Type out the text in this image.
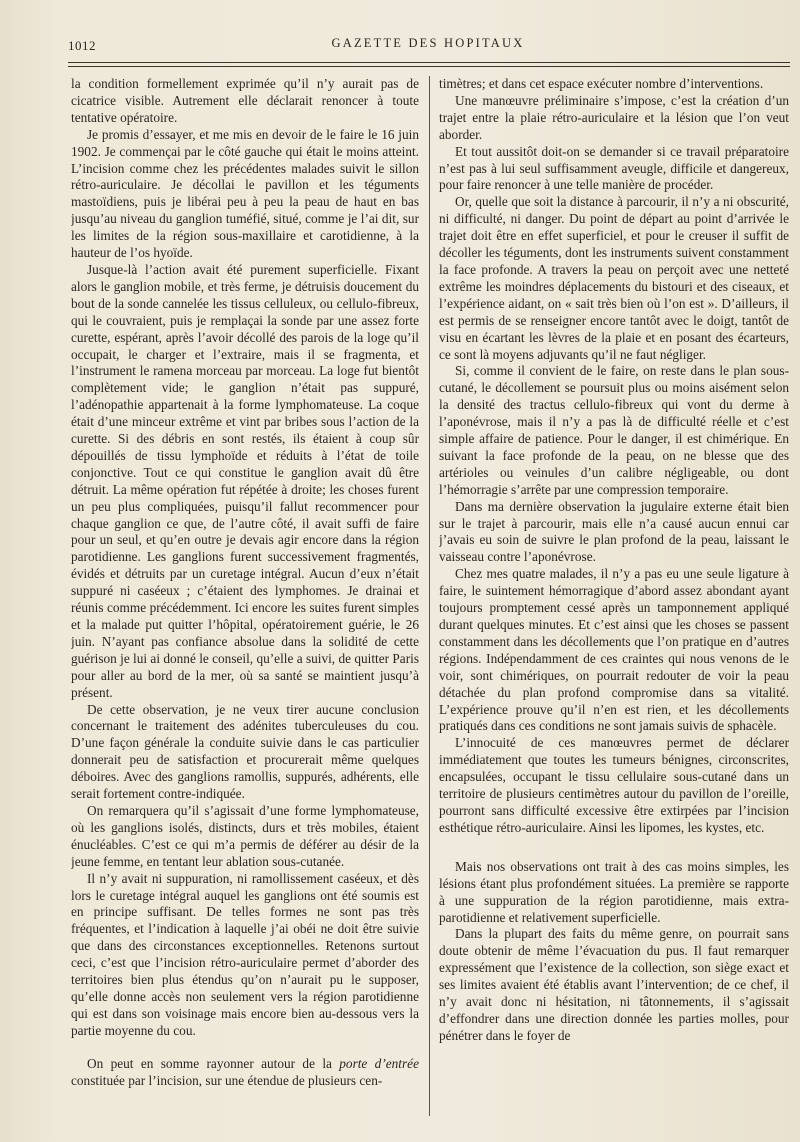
1012	GAZETTE DES HOPITAUX

la condition formellement exprimée qu’il n’y aurait pas de cicatrice visible. Autrement elle déclarait renoncer à toute tentative opératoire.

Je promis d’essayer, et me mis en devoir de le faire le 16 juin 1902. Je commençai par le côté gauche qui était le moins atteint. L’incision comme chez les précédentes malades suivit le sillon rétro-auriculaire. Je décollai le pavillon et les téguments mastoïdiens, puis je libérai peu à peu la peau de haut en bas jusqu’au niveau du ganglion tuméfié, situé, comme je l’ai dit, sur les limites de la région sous-maxillaire et carotidienne, à la hauteur de l’os hyoïde.

Jusque-là l’action avait été purement superficielle. Fixant alors le ganglion mobile, et très ferme, je détruisis doucement du bout de la sonde cannelée les tissus celluleux, ou cellulo-fibreux, qui le couvraient, puis je remplaçai la sonde par une assez forte curette, espérant, après l’avoir décollé des parois de la loge qu’il occupait, le charger et l’extraire, mais il se fragmenta, et l’instrument le ramena morceau par morceau. La loge fut bientôt complètement vide; le ganglion n’était pas suppuré, l’adénopathie appartenait à la forme lymphomateuse. La coque était d’une minceur extrême et vint par bribes sous l’action de la curette. Si des débris en sont restés, ils étaient à coup sûr dépouillés de tissu lymphoïde et réduits à l’état de toile conjonctive. Tout ce qui constitue le ganglion avait dû être détruit. La même opération fut répétée à droite; les choses furent un peu plus compliquées, puisqu’il fallut recommencer pour chaque ganglion ce que, de l’autre côté, il avait suffi de faire pour un seul, et qu’en outre je devais agir encore dans la région parotidienne. Les ganglions furent successivement fragmentés, évidés et détruits par un curetage intégral. Aucun d’eux n’était suppuré ni caséeux ; c’étaient des lymphomes. Je drainai et réunis comme précédemment. Ici encore les suites furent simples et la malade put quitter l’hôpital, opératoirement guérie, le 26 juin. N’ayant pas confiance absolue dans la solidité de cette guérison je lui ai donné le conseil, qu’elle a suivi, de quitter Paris pour aller au bord de la mer, où sa santé se maintient jusqu’à présent.

De cette observation, je ne veux tirer aucune conclusion concernant le traitement des adénites tuberculeuses du cou. D’une façon générale la conduite suivie dans le cas particulier donnerait peu de satisfaction et procurerait même quelques déboires. Avec des ganglions ramollis, suppurés, adhérents, elle serait fortement contre-indiquée.

On remarquera qu’il s’agissait d’une forme lymphomateuse, où les ganglions isolés, distincts, durs et très mobiles, étaient énucléables. C’est ce qui m’a permis de déférer au désir de la jeune femme, en tentant leur ablation sous-cutanée.

Il n’y avait ni suppuration, ni ramollissement caséeux, et dès lors le curetage intégral auquel les ganglions ont été soumis est en principe suffisant. De telles formes ne sont pas très fréquentes, et l’indication à laquelle j’ai obéi ne doit être suivie que dans des circonstances exceptionnelles. Retenons surtout ceci, c’est que l’incision rétro-auriculaire permet d’aborder des territoires bien plus étendus qu’on n’aurait pu le supposer, qu’elle donne accès non seulement vers la région parotidienne qui est dans son voisinage mais encore bien au-dessous vers la partie moyenne du cou.

On peut en somme rayonner autour de la porte d’entrée constituée par l’incision, sur une étendue de plusieurs cen-

timètres; et dans cet espace exécuter nombre d’interventions.

Une manœuvre préliminaire s’impose, c’est la création d’un trajet entre la plaie rétro-auriculaire et la lésion que l’on veut aborder.

Et tout aussitôt doit-on se demander si ce travail préparatoire n’est pas à lui seul suffisamment aveugle, difficile et dangereux, pour faire renoncer à une telle manière de procéder.

Or, quelle que soit la distance à parcourir, il n’y a ni obscurité, ni difficulté, ni danger. Du point de départ au point d’arrivée le trajet doit être en effet superficiel, et pour le creuser il suffit de décoller les téguments, dont les instruments suivent constamment la face profonde. A travers la peau on perçoit avec une netteté extrême les moindres déplacements du bistouri et des ciseaux, et l’expérience aidant, on « sait très bien où l’on est ». D’ailleurs, il est permis de se renseigner encore tantôt avec le doigt, tantôt de visu en écartant les lèvres de la plaie et en posant des écarteurs, ce sont là moyens adjuvants qu’il ne faut négliger.

Si, comme il convient de le faire, on reste dans le plan sous-cutané, le décollement se poursuit plus ou moins aisément selon la densité des tractus cellulo-fibreux qui vont du derme à l’aponévrose, mais il n’y a pas là de difficulté réelle et c’est simple affaire de patience. Pour le danger, il est chimérique. En suivant la face profonde de la peau, on ne blesse que des artérioles ou veinules d’un calibre négligeable, ou dont l’hémorragie s’arrête par une compression temporaire.

Dans ma dernière observation la jugulaire externe était bien sur le trajet à parcourir, mais elle n’a causé aucun ennui car j’avais eu soin de suivre le plan profond de la peau, laissant le vaisseau contre l’aponévrose.

Chez mes quatre malades, il n’y a pas eu une seule ligature à faire, le suintement hémorragique d’abord assez abondant ayant toujours promptement cessé après un tamponnement appliqué durant quelques minutes. Et c’est ainsi que les choses se passent constamment dans les décollements que l’on pratique en d’autres régions. Indépendamment de ces craintes qui nous venons de le voir, sont chimériques, on pourrait redouter de voir la peau détachée du plan profond compromise dans sa vitalité. L’expérience prouve qu’il n’en est rien, et les décollements pratiqués dans ces conditions ne sont jamais suivis de sphacèle.

L’innocuité de ces manœuvres permet de déclarer immédiatement que toutes les tumeurs bénignes, circonscrites, encapsulées, occupant le tissu cellulaire sous-cutané dans un territoire de plusieurs centimètres autour du pavillon de l’oreille, pourront sans difficulté excessive être extirpées par l’incision esthétique rétro-auriculaire. Ainsi les lipomes, les kystes, etc.

Mais nos observations ont trait à des cas moins simples, les lésions étant plus profondément situées. La première se rapporte à une suppuration de la région parotidienne, mais extra-parotidienne et relativement superficielle.

Dans la plupart des faits du même genre, on pourrait sans doute obtenir de même l’évacuation du pus. Il faut remarquer expressément que l’existence de la collection, son siège exact et ses limites avaient été établis avant l’intervention; de ce chef, il n’y avait donc ni hésitation, ni tâtonnements, il s’agissait d’effondrer dans une direction donnée les parties molles, pour pénétrer dans le foyer de
